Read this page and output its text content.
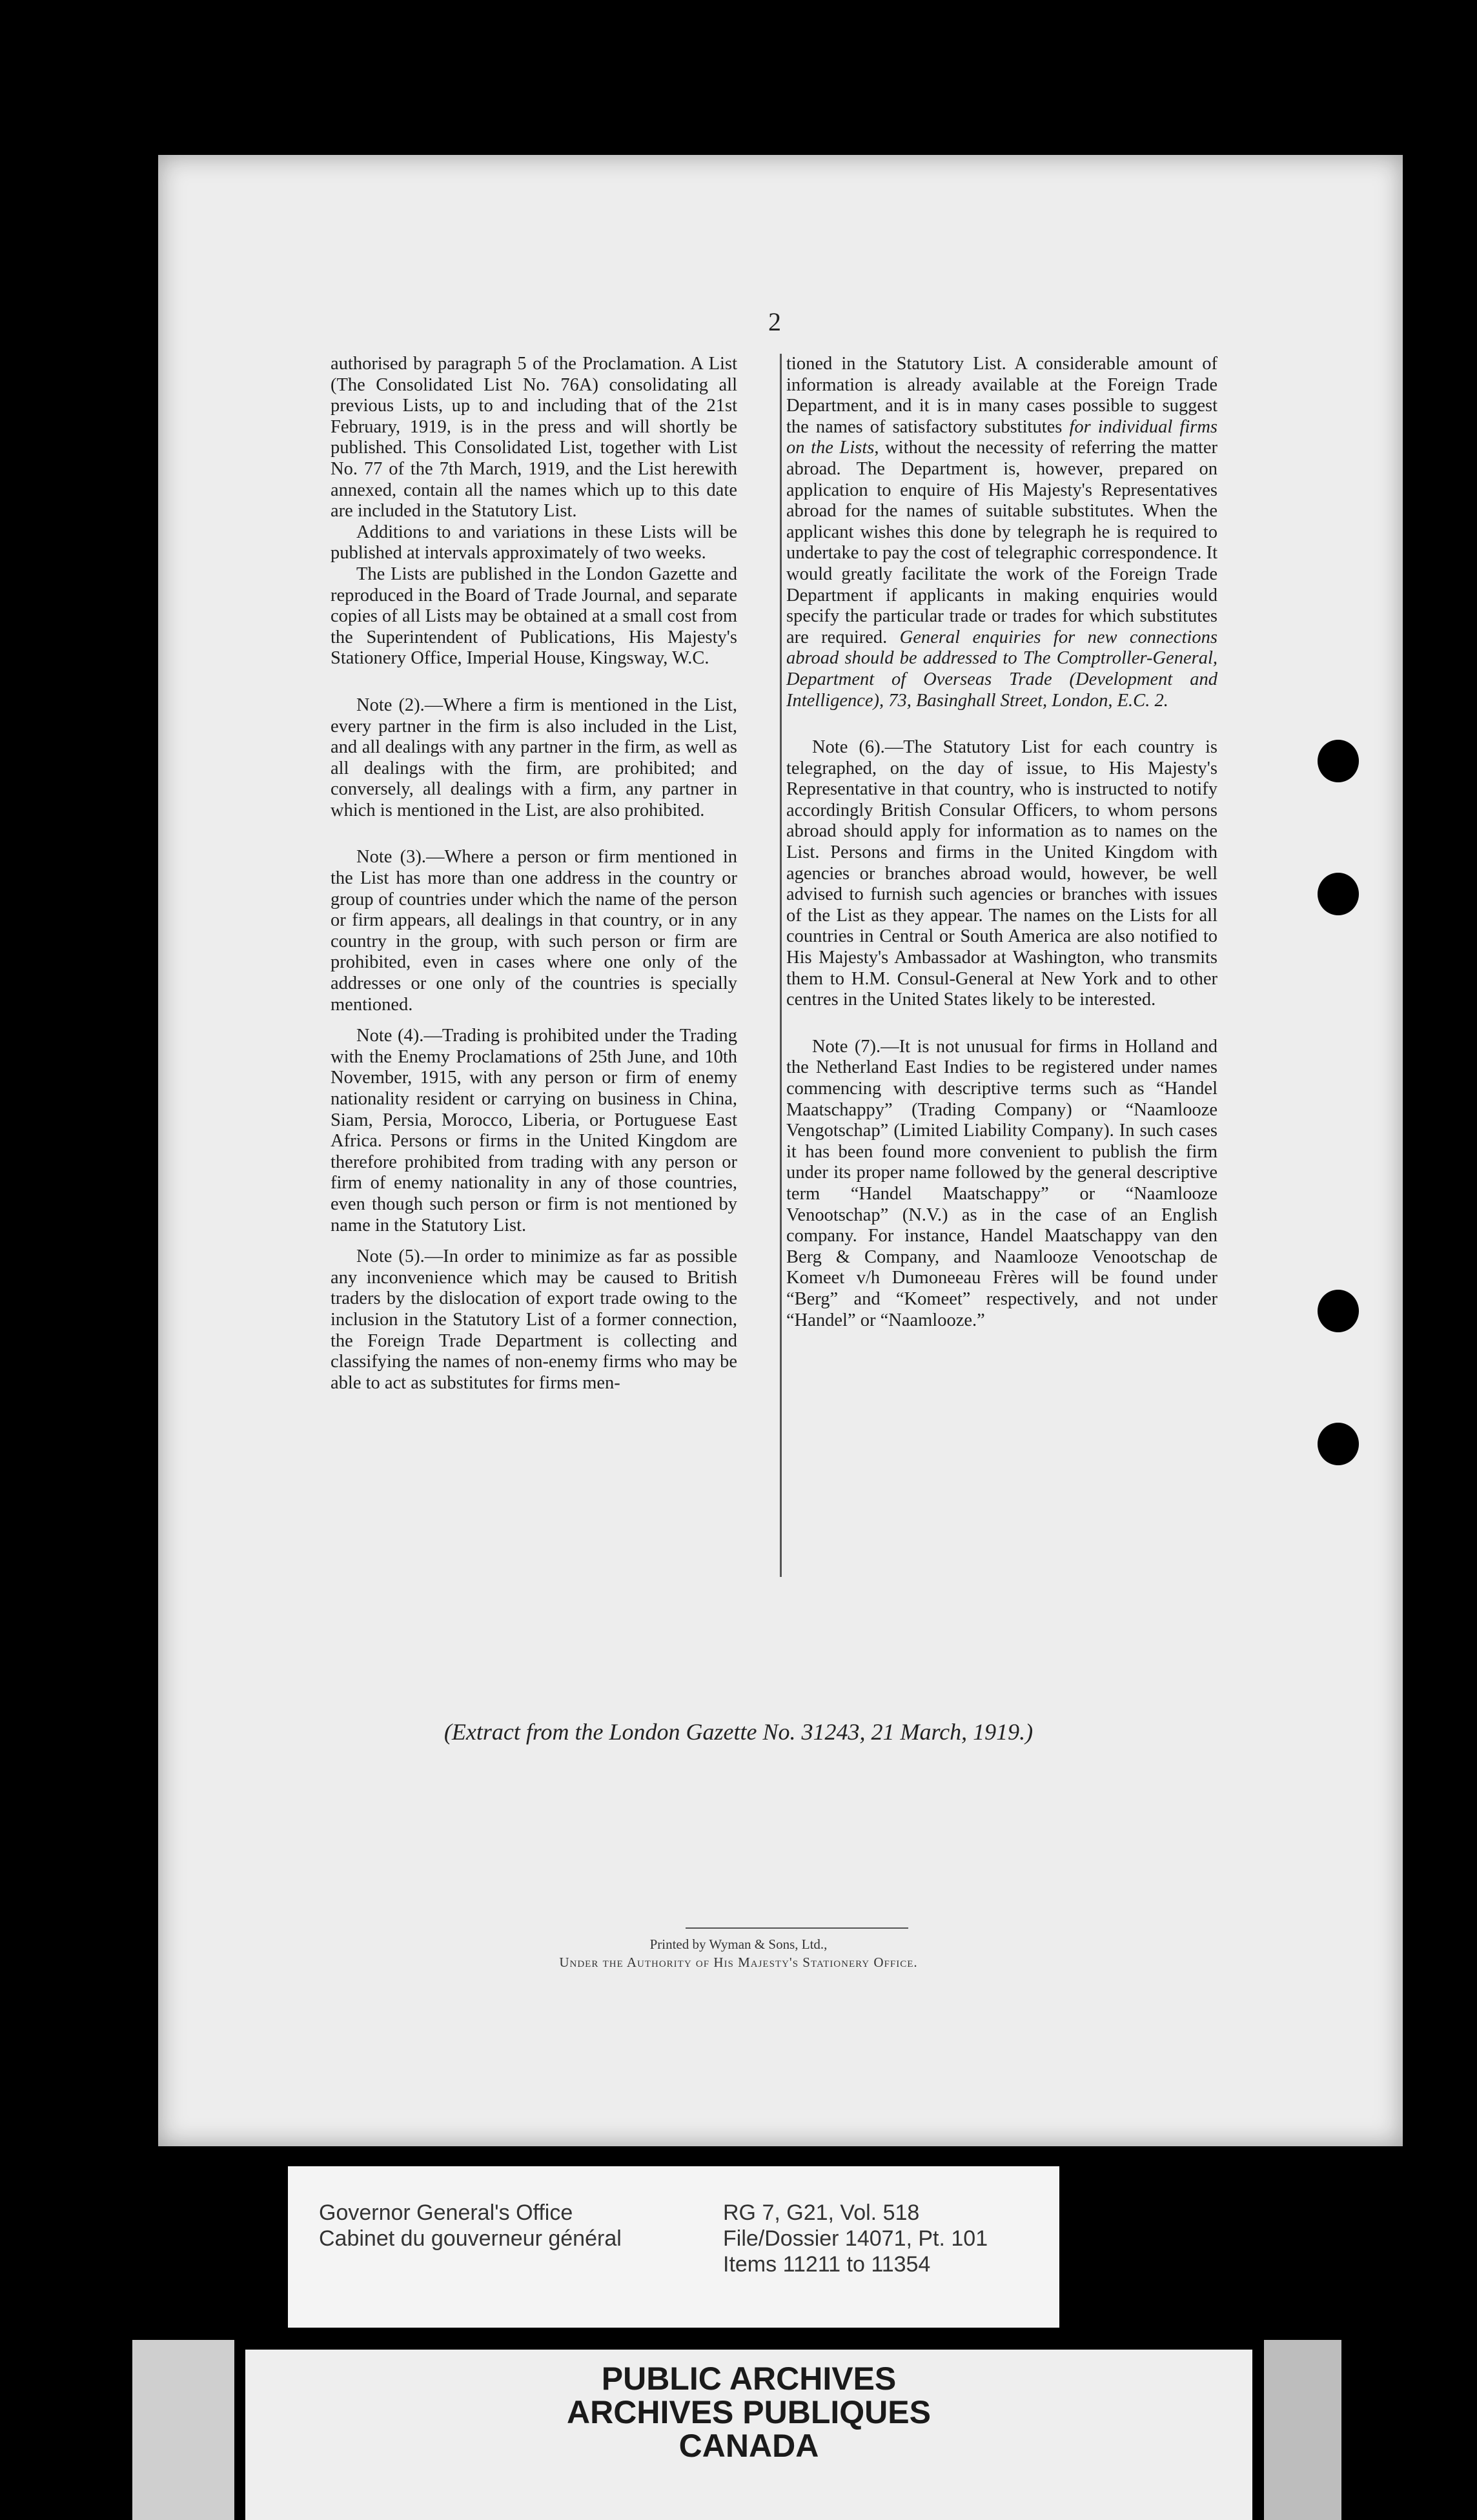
2

authorised by paragraph 5 of the Proclamation. A List (The Consolidated List No. 76A) consolidating all previous Lists, up to and including that of the 21st February, 1919, is in the press and will shortly be published. This Consolidated List, together with List No. 77 of the 7th March, 1919, and the List herewith annexed, contain all the names which up to this date are included in the Statutory List.

Additions to and variations in these Lists will be published at intervals approximately of two weeks.

The Lists are published in the London Gazette and reproduced in the Board of Trade Journal, and separate copies of all Lists may be obtained at a small cost from the Superintendent of Publications, His Majesty's Stationery Office, Imperial House, Kingsway, W.C.

Note (2).—Where a firm is mentioned in the List, every partner in the firm is also included in the List, and all dealings with any partner in the firm, as well as all dealings with the firm, are prohibited; and conversely, all dealings with a firm, any partner in which is mentioned in the List, are also prohibited.

Note (3).—Where a person or firm mentioned in the List has more than one address in the country or group of countries under which the name of the person or firm appears, all dealings in that country, or in any country in the group, with such person or firm are prohibited, even in cases where one only of the addresses or one only of the countries is specially mentioned.

Note (4).—Trading is prohibited under the Trading with the Enemy Proclamations of 25th June, and 10th November, 1915, with any person or firm of enemy nationality resident or carrying on business in China, Siam, Persia, Morocco, Liberia, or Portuguese East Africa. Persons or firms in the United Kingdom are therefore prohibited from trading with any person or firm of enemy nationality in any of those countries, even though such person or firm is not mentioned by name in the Statutory List.

Note (5).—In order to minimize as far as possible any inconvenience which may be caused to British traders by the dislocation of export trade owing to the inclusion in the Statutory List of a former connection, the Foreign Trade Department is collecting and classifying the names of non-enemy firms who may be able to act as substitutes for firms men-

tioned in the Statutory List. A considerable amount of information is already available at the Foreign Trade Department, and it is in many cases possible to suggest the names of satisfactory substitutes for individual firms on the Lists, without the necessity of referring the matter abroad. The Department is, however, prepared on application to enquire of His Majesty's Representatives abroad for the names of suitable substitutes. When the applicant wishes this done by telegraph he is required to undertake to pay the cost of telegraphic correspondence. It would greatly facilitate the work of the Foreign Trade Department if applicants in making enquiries would specify the particular trade or trades for which substitutes are required. General enquiries for new connections abroad should be addressed to The Comptroller-General, Department of Overseas Trade (Development and Intelligence), 73, Basinghall Street, London, E.C. 2.

Note (6).—The Statutory List for each country is telegraphed, on the day of issue, to His Majesty's Representative in that country, who is instructed to notify accordingly British Consular Officers, to whom persons abroad should apply for information as to names on the List. Persons and firms in the United Kingdom with agencies or branches abroad would, however, be well advised to furnish such agencies or branches with issues of the List as they appear. The names on the Lists for all countries in Central or South America are also notified to His Majesty's Ambassador at Washington, who transmits them to H.M. Consul-General at New York and to other centres in the United States likely to be interested.

Note (7).—It is not unusual for firms in Holland and the Netherland East Indies to be registered under names commencing with descriptive terms such as “Handel Maatschappy” (Trading Company) or “Naamlooze Vengotschap” (Limited Liability Company). In such cases it has been found more convenient to publish the firm under its proper name followed by the general descriptive term “Handel Maatschappy” or “Naamlooze Venootschap” (N.V.) as in the case of an English company. For instance, Handel Maatschappy van den Berg & Company, and Naamlooze Venootschap de Komeet v/h Dumoneeau Frères will be found under “Berg” and “Komeet” respectively, and not under “Handel” or “Naamlooze.”

(Extract from the London Gazette No. 31243, 21 March, 1919.)
Printed by Wyman & Sons, Ltd.,
Under the Authority of His Majesty's Stationery Office.
Governor General's Office
Cabinet du gouverneur général
RG 7, G21, Vol. 518
File/Dossier 14071, Pt. 101
Items 11211 to 11354
PUBLIC ARCHIVES
ARCHIVES PUBLIQUES
CANADA
